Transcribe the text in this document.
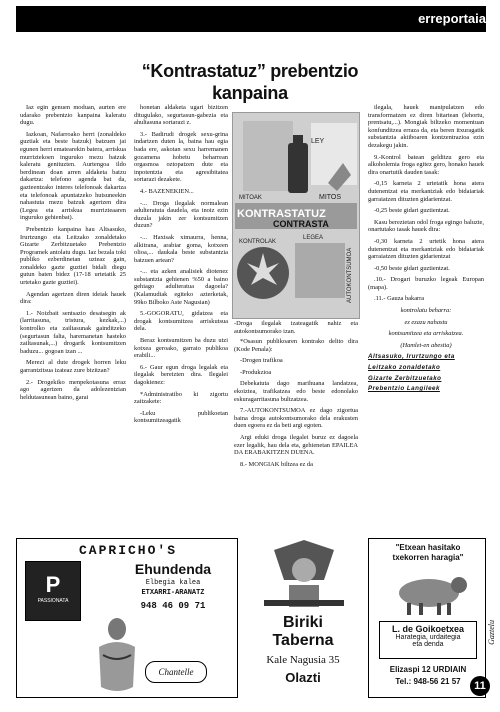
erreportaia
“Kontrastatuz” prebentzio
kanpaina

Iaz egin genuen moduan, aurten ere udarako prebentzio kanpaina kaleratu dugu.

Iazkoan, Nafarroako herri (zonaldeko guztiak eta beste batzuk) batzuen jai egunen herri ematearekin batera, arriskua murriztekoen inguruko mezu batzuk kaleratu genituzten. Aurtengoa ildo berdinean doan arren aldaketa batzu dakartza: telefono agenda bat da, gazteentzako interes telefonoak dakartza eta telefonoak apuntatzeko hutsuneekin nahastuta mezu batzuk agertzen dira (Legea eta arriskua murrizteaaren inguruko gehienbat).

Prebentzio kanpaina hau Altsasuko, Irurtzungo eta Leitzako zonaldetako Gizarte Zerbitzuetako Prebentzio Programek antolatu dugu. Iaz bezala toki publiko ezberdinetan uzteaz gain, zonaldeko gazte guztiei bidali diegu gutun baten bidez (17-18 urtetatik 25 urtetako gazte guztiei).

Agendan agertzen diren ideiak hauek dira:

1.- Noizbait sentsazio desatsegin ak (larritasuna, tristura, kezkak,...) kontrolko eta zailtasunak gainditzeko (segurtasun falta, haremanetan hasteko zailtasunak,...) drogarik kontsumitzen baduzu... gogoan izan ...

Merezi al dute drogek horren leku garrantzitsua izateaz zure bizitzan?

2.- Drogekiko menpekotasuna erraz ago agertzen da adolezentzian heldutasunean baino, garai

honetan aldaketa ugari bizitzen ditugulako, segurtasun-gabezia eta ahultasuna sortarazi z.

3.- Badirudi drogek sexu-grina indartzen duten la, baina hau egia bada ere, askotan sexu harremanen gozamena hobetu beharrean orgasmoa oztopatzen dute eta inpotentzia eta agresibitatea sortarazi dezakete.

4.- BAZENEKIEN...

-... Droga ilegalak normalean adulteratuta daudela, eta inoiz ezin duzula jakin zer kontsumitzen duzun?

-... Haxisak ximaurra, henna, alkitrana, arabiar goma, kotxeen olioa,... daukala beste substantzia batzuen artean?

-... eta azken analisiek diotenez substantzia gehienen %50 a baino gehiago adulteratua dagoela? (Kalamudiak egiteko azterketak, 99ko Bilboko Aste Nagusian)

5.-GOGORATU, gidatzea eta drogak kontsumitzea arriskutsua dela.

Beraz kontsumitzen ba duzu utzi kotxea geroako, garraio publikoa erabili...

6.- Gaur egun droga legalak eta ilegalak bereizten dira. Ilegalei dagokienez:

*Administratibo ki zigortu zaitzakete:

-Leku publikoetan kontsumitzeagatik

LEY
MITOS
MITOAK
KONTRASTATUZ
CONTRASTA
KONTROLAK
LEGEA
AUTOKONTSUMOA
-Droga ilegalak izateagatik nahiz eta autokontsumorako izan.

*Osasun publikoaren kontrako delito dira (Kode Penala):

-Drogen trafikoa

-Produkzioa

Debekatuta dago marihuana landatzea, ekoiztea, trafikatzea edo beste edonolako eskuragarritasuna bultzatzea.

7.-AUTOKONTSUMOA ez dago zigortua baina droga autokontsumorako dela erakusten duen egoera ez da beti argi egoten.

Argi eduki droga ilegalei buruz ez dagoela ezer legalik, hau dela eta, gehienetan EPAILEA DA ERABAKITZEN DUENA.

8.- MONGIAK biltzea ez da

ilegala, hauek manipulatzen edo transformatzen ez diren bitartean (lehortu, prentsatu,...). Mongiak biltzeko momentuan konfunditzea erraza da, eta beren itxuragatik substantzia aktiboaren kontzentrazioa ezin dezakegu jakin.

9.-Kontrol batean gelditzu gero eta alkoholemia froga egitez gero, honako hauek dira onartutik dauden tasak:

-0,15 karneta 2 urtetatik hona atera dutenentzat eta merkantziak edo bidaiariak garraiatzen dituzten gidarientzat.

-0,25 beste gidari guztientzat.

Kasu berezietan odol froga egingo baluzte, onartutako tasak hauek dira:

-0,30 karneta 2 urtetik hona atera dutenentzat eta merkantziak edo bidaiariak garraiatzen dituzten gidarientzat

-0,50 beste gidari guztientzat.

.10.- Drogari buruzko legeak Europan (mapa).

.11.- Gauza bakarra

kontrolatu beharra:

ez ezazu nahastu

kontsumitzea eta arriskatzea.

(Hamlet-en abestia)

Altsasuko, Irurtzungo eta

Leitzako zonaldetako

Gizarte Zerbitzuetako

Prebentzio Langileek

CAPRICHO'S
Ehundenda
Elbegia kalea
ETXARRI-ARANATZ
948 46 09 71
P
PASSIONATA
Chantelle
Biriki
Taberna
Kale Nagusia 35
Olazti
"Etxean hasitako
txekorren haragia"
L. de Goikoetxea
Harategia, urdaitegia
eta denda
Elizaspi 12 URDIAIN
Tel.: 948-56 21 57
Gaztelu
11
